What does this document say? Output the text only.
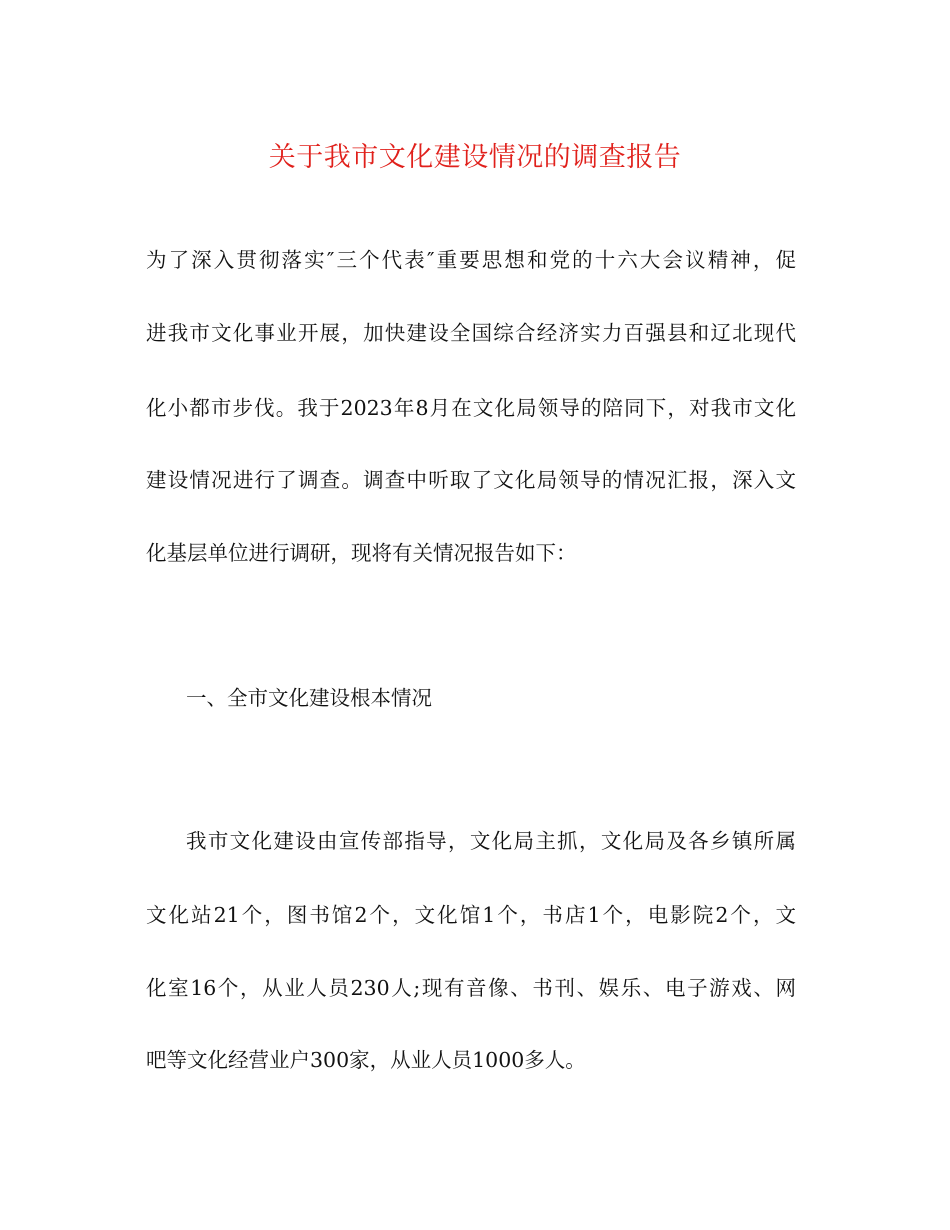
关于我市文化建设情况的调查报告
为了深入贯彻落实″三个代表″重要思想和党的十六大会议精神，促
进我市文化事业开展，加快建设全国综合经济实力百强县和辽北现代
化小都市步伐。我于2023年8月在文化局领导的陪同下，对我市文化
建设情况进行了调查。调查中听取了文化局领导的情况汇报，深入文
化基层单位进行调研，现将有关情况报告如下：
一、全市文化建设根本情况
我市文化建设由宣传部指导，文化局主抓，文化局及各乡镇所属
文化站21个，图书馆2个，文化馆1个，书店1个，电影院2个，文
化室16个，从业人员230人;现有音像、书刊、娱乐、电子游戏、网
吧等文化经营业户300家，从业人员1000多人。
